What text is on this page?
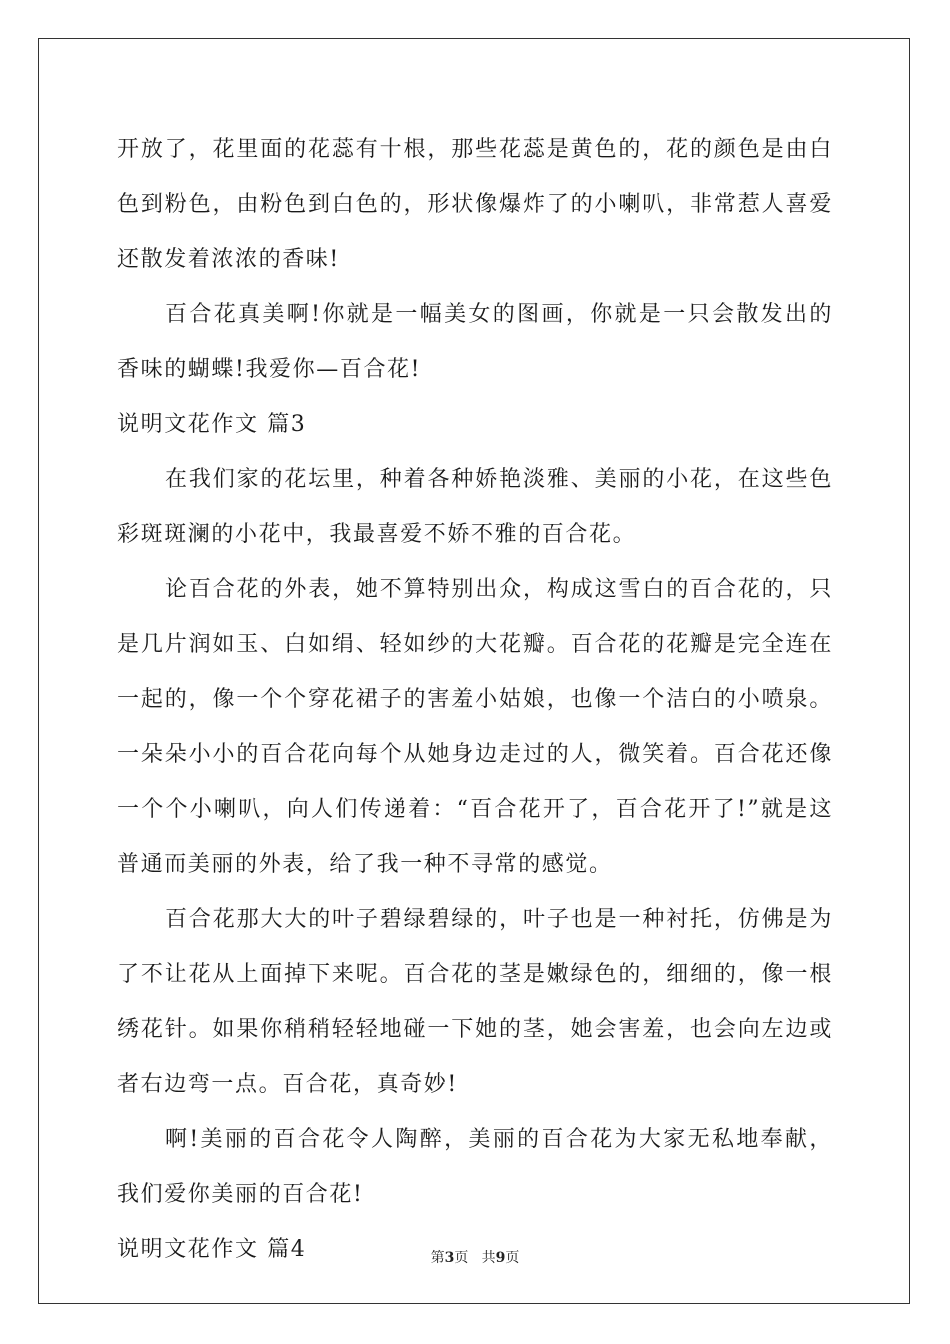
开放了，花里面的花蕊有十根，那些花蕊是黄色的，花的颜色是由白色到粉色，由粉色到白色的，形状像爆炸了的小喇叭，非常惹人喜爱还散发着浓浓的香味!

百合花真美啊!你就是一幅美女的图画，你就是一只会散发出的香味的蝴蝶!我爱你—百合花!

说明文花作文 篇3

在我们家的花坛里，种着各种娇艳淡雅、美丽的小花，在这些色彩斑斑澜的小花中，我最喜爱不娇不雅的百合花。

论百合花的外表，她不算特别出众，构成这雪白的百合花的，只是几片润如玉、白如绢、轻如纱的大花瓣。百合花的花瓣是完全连在一起的，像一个个穿花裙子的害羞小姑娘，也像一个洁白的小喷泉。一朵朵小小的百合花向每个从她身边走过的人，微笑着。百合花还像一个个小喇叭，向人们传递着：“百合花开了，百合花开了!”就是这普通而美丽的外表，给了我一种不寻常的感觉。

百合花那大大的叶子碧绿碧绿的，叶子也是一种衬托，仿佛是为了不让花从上面掉下来呢。百合花的茎是嫩绿色的，细细的，像一根绣花针。如果你稍稍轻轻地碰一下她的茎，她会害羞，也会向左边或者右边弯一点。百合花，真奇妙!

啊!美丽的百合花令人陶醉，美丽的百合花为大家无私地奉献，我们爱你美丽的百合花!

说明文花作文 篇4	第3页 共9页
